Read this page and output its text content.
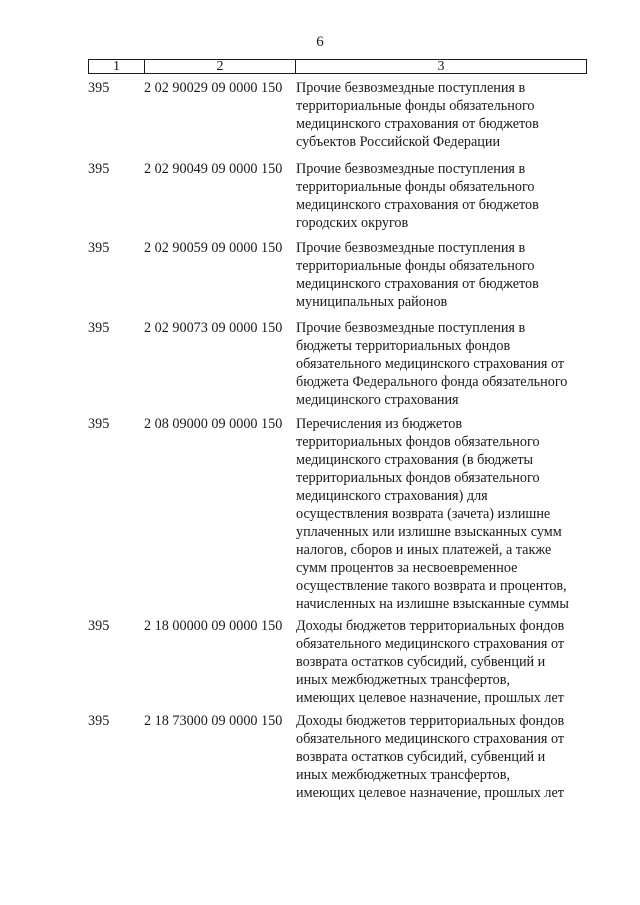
6
1	2	3
395	2 02 90029 09 0000 150 Прочие безвозмездные поступления в
территориальные фонды обязательного
медицинского страхования от бюджетов
субъектов Российской Федерации
395	2 02 90049 09 0000 150 Прочие безвозмездные поступления в
территориальные фонды обязательного
медицинского страхования от бюджетов
городских округов
395	2 02 90059 09 0000 150 Прочие безвозмездные поступления в
территориальные фонды обязательного
медицинского страхования от бюджетов
муниципальных районов
395	2 02 90073 09 0000 150 Прочие безвозмездные поступления в
бюджеты территориальных фондов
обязательного медицинского страхования от
бюджета Федерального фонда обязательного
медицинского страхования
395	2 08 09000 09 0000 150 Перечисления из бюджетов
территориальных фондов обязательного
медицинского страхования (в бюджеты
территориальных фондов обязательного
медицинского страхования) для
осуществления возврата (зачета) излишне
уплаченных или излишне взысканных сумм
налогов, сборов и иных платежей, а также
сумм процентов за несвоевременное
осуществление такого возврата и процентов,
начисленных на излишне взысканные суммы
395	2 18 00000 09 0000 150 Доходы бюджетов территориальных фондов
обязательного медицинского страхования от
возврата остатков субсидий, субвенций и
иных межбюджетных трансфертов,
имеющих целевое назначение, прошлых лет
395	2 18 73000 09 0000 150 Доходы бюджетов территориальных фондов
обязательного медицинского страхования от
возврата остатков субсидий, субвенций и
иных межбюджетных трансфертов,
имеющих целевое назначение, прошлых лет
